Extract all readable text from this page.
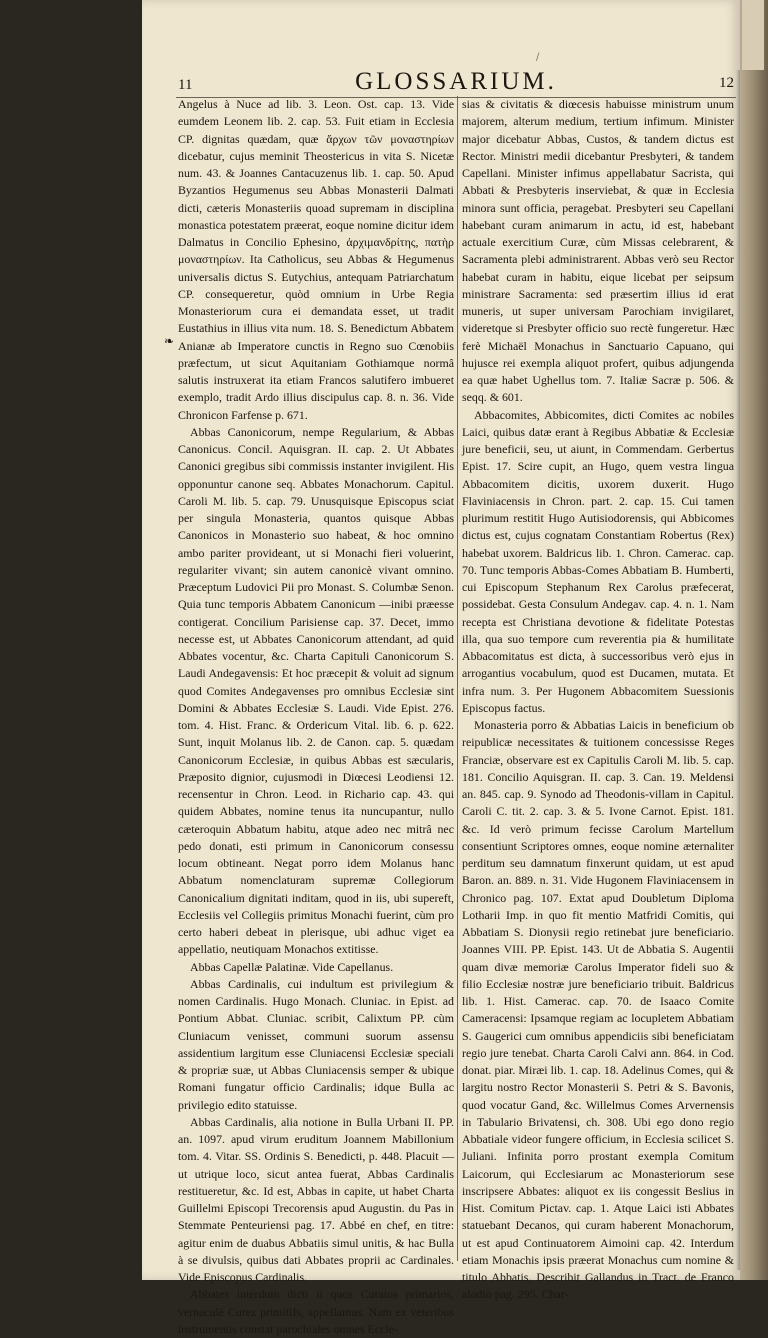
/
11	GLOSSARIUM.	12
❧

Angelus à Nuce ad lib. 3. Leon. Ost. cap. 13. Vide eumdem Leonem lib. 2. cap. 53. Fuit etiam in Ecclesia CP. dignitas quædam, quæ ἄρχων τῶν μοναστηρίων dicebatur, cujus meminit Theostericus in vita S. Nicetæ num. 43. & Joannes Cantacuzenus lib. 1. cap. 50. Apud Byzantios Hegumenus seu Abbas Monasterii Dalmati dicti, cæteris Monasteriis quoad supremam in disciplina monastica potestatem præerat, eoque nomine dicitur idem Dalmatus in Concilio Ephesino, ἀρχιμανδρίτης, πατὴρ μοναστηρίων. Ita Catholicus, seu Abbas & Hegumenus universalis dictus S. Eutychius, antequam Patriarchatum CP. consequeretur, quòd omnium in Urbe Regia Monasteriorum cura ei demandata esset, ut tradit Eustathius in illius vita num. 18. S. Benedictum Abbatem Anianæ ab Imperatore cunctis in Regno suo Cœnobiis præfectum, ut sicut Aquitaniam Gothiamque normâ salutis instruxerat ita etiam Francos salutifero imbueret exemplo, tradit Ardo illius discipulus cap. 8. n. 36. Vide Chronicon Farfense p. 671.

Abbas Canonicorum, nempe Regularium, & Abbas Canonicus. Concil. Aquisgran. II. cap. 2. Ut Abbates Canonici gregibus sibi commissis instanter invigilent. His opponuntur canone seq. Abbates Monachorum. Capitul. Caroli M. lib. 5. cap. 79. Unusquisque Episcopus sciat per singula Monasteria, quantos quisque Abbas Canonicos in Monasterio suo habeat, & hoc omnino ambo pariter provideant, ut si Monachi fieri voluerint, regulariter vivant; sin autem canonicè vivant omnino. Præceptum Ludovici Pii pro Monast. S. Columbæ Senon. Quia tunc temporis Abbatem Canonicum —inibi præesse contigerat. Concilium Parisiense cap. 37. Decet, immo necesse est, ut Abbates Canonicorum attendant, ad quid Abbates vocentur, &c. Charta Capituli Canonicorum S. Laudi Andegavensis: Et hoc præcepit & voluit ad signum quod Comites Andegavenses pro omnibus Ecclesiæ sint Domini & Abbates Ecclesiæ S. Laudi. Vide Epist. 276. tom. 4. Hist. Franc. & Ordericum Vital. lib. 6. p. 622. Sunt, inquit Molanus lib. 2. de Canon. cap. 5. quædam Canonicorum Ecclesiæ, in quibus Abbas est sæcularis, Præposito dignior, cujusmodi in Diœcesi Leodiensi 12. recensentur in Chron. Leod. in Richario cap. 43. qui quidem Abbates, nomine tenus ita nuncupantur, nullo cæteroquin Abbatum habitu, atque adeo nec mitrâ nec pedo donati, esti primum in Canonicorum consessu locum obtineant. Negat porro idem Molanus hanc Abbatum nomenclaturam supremæ Collegiorum Canonicalium dignitati inditam, quod in iis, ubi supereft, Ecclesiis vel Collegiis primitus Monachi fuerint, cùm pro certo haberi debeat in plerisque, ubi adhuc viget ea appellatio, neutiquam Monachos extitisse.

Abbas Capellæ Palatinæ. Vide Capellanus.

Abbas Cardinalis, cui indultum est privilegium & nomen Cardinalis. Hugo Monach. Cluniac. in Epist. ad Pontium Abbat. Cluniac. scribit, Calixtum PP. cùm Cluniacum venisset, communi suorum assensu assidentium largitum esse Cluniacensi Ecclesiæ speciali & propriæ suæ, ut Abbas Cluniacensis semper & ubique Romani fungatur officio Cardinalis; idque Bulla ac privilegio edito statuisse.

Abbas Cardinalis, alia notione in Bulla Urbani II. PP. an. 1097. apud virum eruditum Joannem Mabillonium tom. 4. Vitar. SS. Ordinis S. Benedicti, p. 448. Placuit —ut utrique loco, sicut antea fuerat, Abbas Cardinalis restitueretur, &c. Id est, Abbas in capite, ut habet Charta Guillelmi Episcopi Trecorensis apud Augustin. du Pas in Stemmate Penteuriensi pag. 17. Abbé en chef, en titre: agitur enim de duabus Abbatiis simul unitis, & hac Bulla à se divulsis, quibus dati Abbates proprii ac Cardinales. Vide Episcopus Cardinalis.

Abbates interdum dicti ii quos Curatos primarios, vernaculè Curez primitifs, appellamus. Nam ex veteribus instrumentis constat parochiales omnes Eccle-

sias & civitatis & diœcesis habuisse ministrum unum majorem, alterum medium, tertium infimum. Minister major dicebatur Abbas, Custos, & tandem dictus est Rector. Ministri medii dicebantur Presbyteri, & tandem Capellani. Minister infimus appellabatur Sacrista, qui Abbati & Presbyteris inserviebat, & quæ in Ecclesia minora sunt officia, peragebat. Presbyteri seu Capellani habebant curam animarum in actu, id est, habebant actuale exercitium Curæ, cùm Missas celebrarent, & Sacramenta plebi administrarent. Abbas verò seu Rector habebat curam in habitu, eique licebat per seipsum ministrare Sacramenta: sed præsertim illius id erat muneris, ut super universam Parochiam invigilaret, videretque si Presbyter officio suo rectè fungeretur. Hæc ferè Michaël Monachus in Sanctuario Capuano, qui hujusce rei exempla aliquot profert, quibus adjungenda ea quæ habet Ughellus tom. 7. Italiæ Sacræ p. 506. & seqq. & 601.

Abbacomites, Abbicomites, dicti Comites ac nobiles Laici, quibus datæ erant à Regibus Abbatiæ & Ecclesiæ jure beneficii, seu, ut aiunt, in Commendam. Gerbertus Epist. 17. Scire cupit, an Hugo, quem vestra lingua Abbacomitem dicitis, uxorem duxerit. Hugo Flaviniacensis in Chron. part. 2. cap. 15. Cui tamen plurimum restitit Hugo Autisiodorensis, qui Abbicomes dictus est, cujus cognatam Constantiam Robertus (Rex) habebat uxorem. Baldricus lib. 1. Chron. Camerac. cap. 70. Tunc temporis Abbas-Comes Abbatiam B. Humberti, cui Episcopum Stephanum Rex Carolus præfecerat, possidebat. Gesta Consulum Andegav. cap. 4. n. 1. Nam recepta est Christiana devotione & fidelitate Potestas illa, qua suo tempore cum reverentia pia & humilitate Abbacomitatus est dicta, à successoribus verò ejus in arrogantius vocabulum, quod est Ducamen, mutata. Et infra num. 3. Per Hugonem Abbacomitem Suessionis Episcopus factus.

Monasteria porro & Abbatias Laicis in beneficium ob reipublicæ necessitates & tuitionem concessisse Reges Franciæ, observare est ex Capitulis Caroli M. lib. 5. cap. 181. Concilio Aquisgran. II. cap. 3. Can. 19. Meldensi an. 845. cap. 9. Synodo ad Theodonis-villam in Capitul. Caroli C. tit. 2. cap. 3. & 5. Ivone Carnot. Epist. 181. &c. Id verò primum fecisse Carolum Martellum consentiunt Scriptores omnes, eoque nomine æternaliter perditum seu damnatum finxerunt quidam, ut est apud Baron. an. 889. n. 31. Vide Hugonem Flaviniacensem in Chronico pag. 107. Extat apud Doubletum Diploma Lotharii Imp. in quo fit mentio Matfridi Comitis, qui Abbatiam S. Dionysii regio retinebat jure beneficiario. Joannes VIII. PP. Epist. 143. Ut de Abbatia S. Augentii quam divæ memoriæ Carolus Imperator fideli suo & filio Ecclesiæ nostræ jure beneficiario tribuit. Baldricus lib. 1. Hist. Camerac. cap. 70. de Isaaco Comite Cameracensi: Ipsamque regiam ac locupletem Abbatiam S. Gaugerici cum omnibus appendiciis sibi beneficiatam regio jure tenebat. Charta Caroli Calvi ann. 864. in Cod. donat. piar. Miræi lib. 1. cap. 18. Adelinus Comes, qui & largitu nostro Rector Monasterii S. Petri & S. Bavonis, quod vocatur Gand, &c. Willelmus Comes Arvernensis in Tabulario Brivatensi, ch. 308. Ubi ego dono regio Abbatiale videor fungere officium, in Ecclesia scilicet S. Juliani. Infinita porro prostant exempla Comitum Laicorum, qui Ecclesiarum ac Monasteriorum sese inscripsere Abbates: aliquot ex iis congessit Beslius in Hist. Comitum Pictav. cap. 1. Atque Laici isti Abbates statuebant Decanos, qui curam haberent Monachorum, ut est apud Continuatorem Aimoini cap. 42. Interdum etiam Monachis ipsis præerat Monachus cum nomine & titulo Abbatis. Describit Gallandus in Tract. de Franco alodio pag. 295. Char-
